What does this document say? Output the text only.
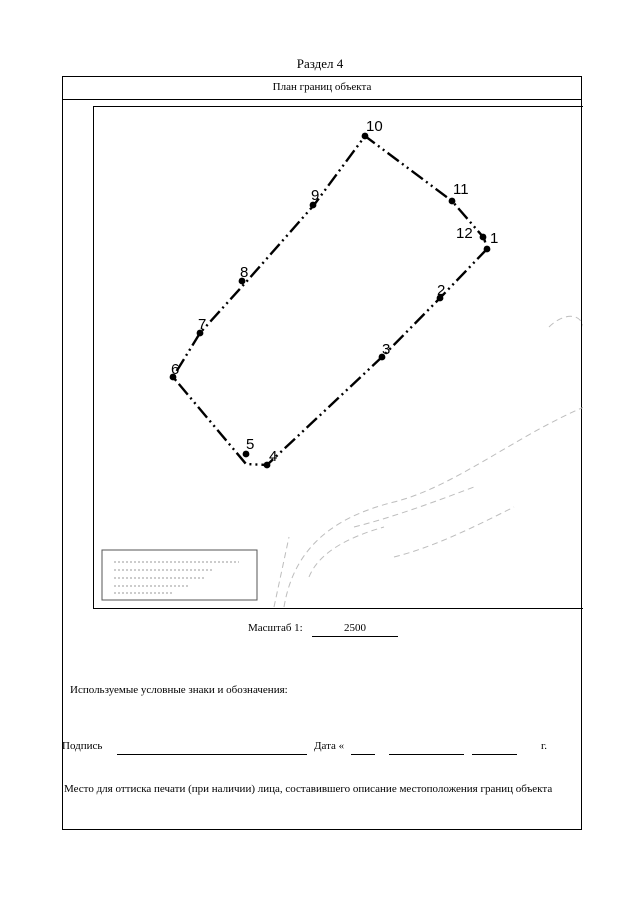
Раздел 4
План границ объекта
1
2
3
4
5
6
7
8
9
10
11
12
Масштаб 1:	2500
Используемые условные знаки и обозначения:
Подпись	Дата «	г.
Место для оттиска печати (при наличии) лица, составившего описание местоположения границ объекта
